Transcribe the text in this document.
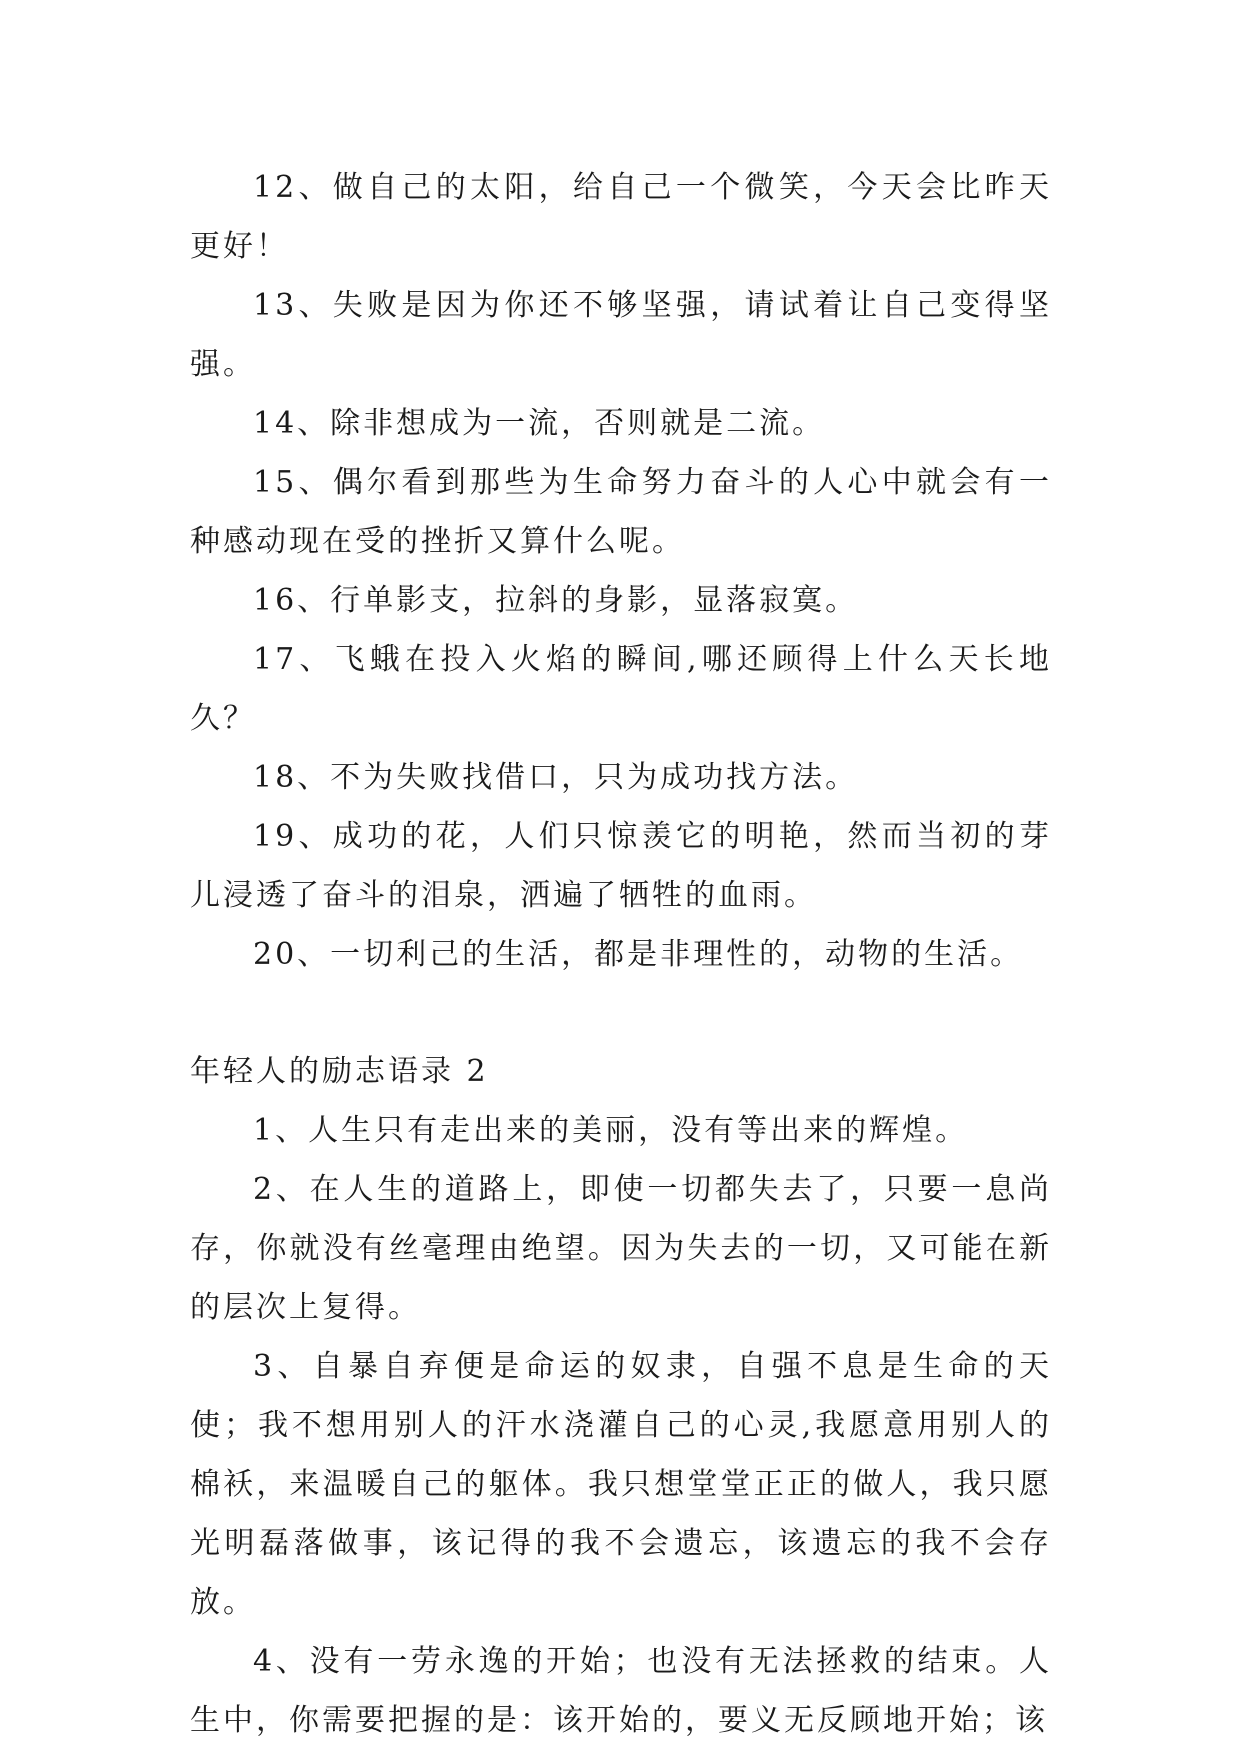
12、做自己的太阳，给自己一个微笑，今天会比昨天更好！

13、失败是因为你还不够坚强，请试着让自己变得坚强。

14、除非想成为一流，否则就是二流。

15、偶尔看到那些为生命努力奋斗的人心中就会有一种感动现在受的挫折又算什么呢。

16、行单影支，拉斜的身影，显落寂寞。

17、飞蛾在投入火焰的瞬间,哪还顾得上什么天长地久？

18、不为失败找借口，只为成功找方法。

19、成功的花，人们只惊羡它的明艳，然而当初的芽儿浸透了奋斗的泪泉，洒遍了牺牲的血雨。

20、一切利己的生活，都是非理性的，动物的生活。

年轻人的励志语录 2

1、人生只有走出来的美丽，没有等出来的辉煌。

2、在人生的道路上，即使一切都失去了，只要一息尚存，你就没有丝毫理由绝望。因为失去的一切，又可能在新的层次上复得。

3、自暴自弃便是命运的奴隶，自强不息是生命的天使；我不想用别人的汗水浇灌自己的心灵,我愿意用别人的棉袄，来温暖自己的躯体。我只想堂堂正正的做人，我只愿光明磊落做事，该记得的我不会遗忘，该遗忘的我不会存放。

4、没有一劳永逸的开始；也没有无法拯救的结束。人生中，你需要把握的是：该开始的，要义无反顾地开始；该
